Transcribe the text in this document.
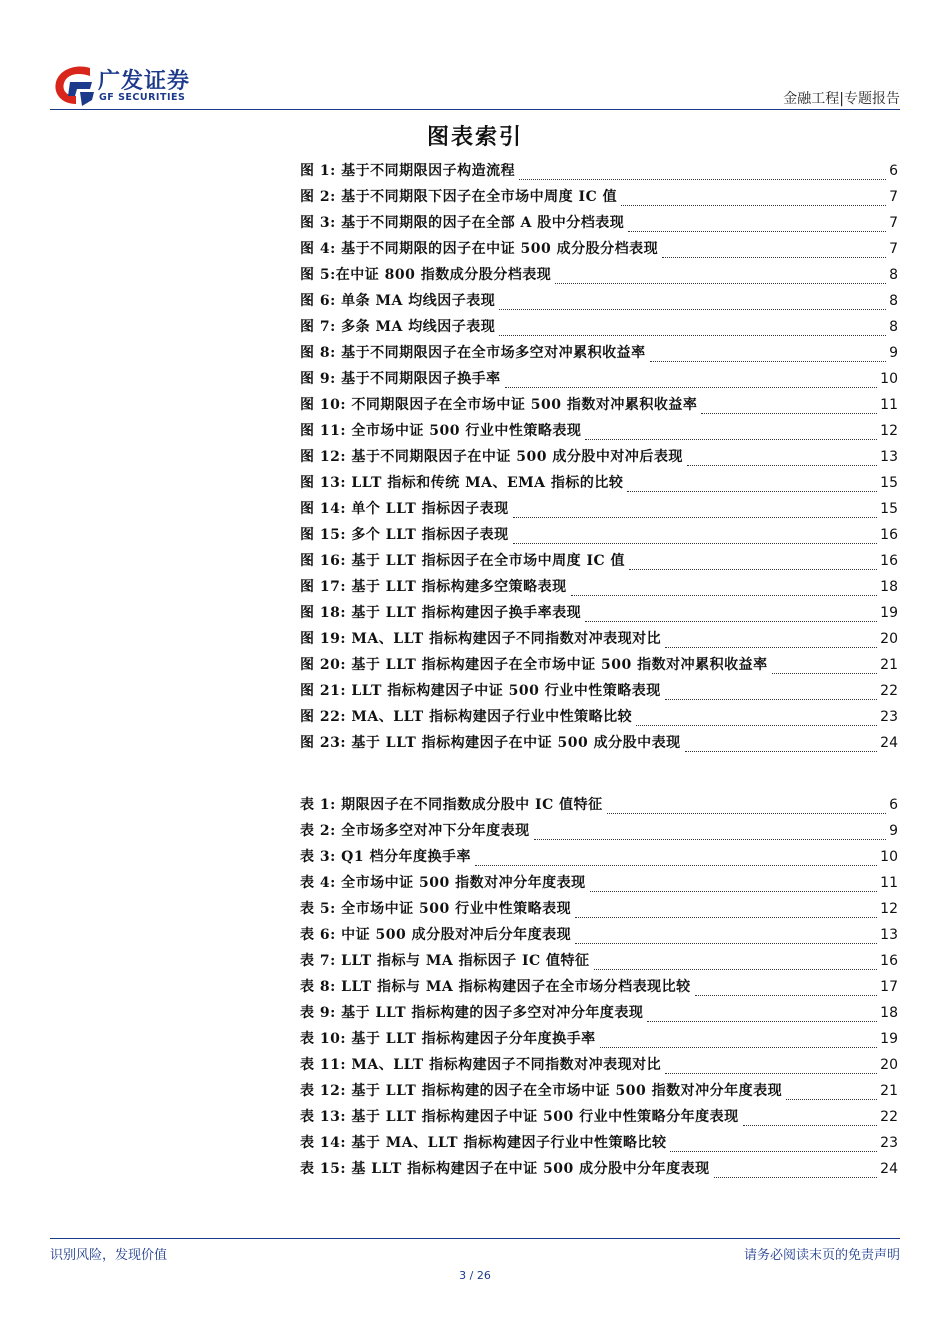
广发证券
GF SECURITIES	金融工程|专题报告
图表索引
图 1: 基于不同期限因子构造流程	6
图 2: 基于不同期限下因子在全市场中周度 IC 值	7
图 3: 基于不同期限的因子在全部 A 股中分档表现	7
图 4: 基于不同期限的因子在中证 500 成分股分档表现	7
图 5:在中证 800 指数成分股分档表现	8
图 6: 单条 MA 均线因子表现	8
图 7: 多条 MA 均线因子表现	8
图 8: 基于不同期限因子在全市场多空对冲累积收益率	9
图 9: 基于不同期限因子换手率	10
图 10: 不同期限因子在全市场中证 500 指数对冲累积收益率	11
图 11: 全市场中证 500 行业中性策略表现	12
图 12: 基于不同期限因子在中证 500 成分股中对冲后表现	13
图 13: LLT 指标和传统 MA、EMA 指标的比较	15
图 14: 单个 LLT 指标因子表现	15
图 15: 多个 LLT 指标因子表现	16
图 16: 基于 LLT 指标因子在全市场中周度 IC 值	16
图 17: 基于 LLT 指标构建多空策略表现	18
图 18: 基于 LLT 指标构建因子换手率表现	19
图 19: MA、LLT 指标构建因子不同指数对冲表现对比	20
图 20: 基于 LLT 指标构建因子在全市场中证 500 指数对冲累积收益率	21
图 21: LLT 指标构建因子中证 500 行业中性策略表现	22
图 22: MA、LLT 指标构建因子行业中性策略比较	23
图 23: 基于 LLT 指标构建因子在中证 500 成分股中表现	24
表 1: 期限因子在不同指数成分股中 IC 值特征	6
表 2: 全市场多空对冲下分年度表现	9
表 3: Q1 档分年度换手率	10
表 4: 全市场中证 500 指数对冲分年度表现	11
表 5: 全市场中证 500 行业中性策略表现	12
表 6: 中证 500 成分股对冲后分年度表现	13
表 7: LLT 指标与 MA 指标因子 IC 值特征	16
表 8: LLT 指标与 MA 指标构建因子在全市场分档表现比较	17
表 9: 基于 LLT 指标构建的因子多空对冲分年度表现	18
表 10: 基于 LLT 指标构建因子分年度换手率	19
表 11: MA、LLT 指标构建因子不同指数对冲表现对比	20
表 12: 基于 LLT 指标构建的因子在全市场中证 500 指数对冲分年度表现	21
表 13: 基于 LLT 指标构建因子中证 500 行业中性策略分年度表现	22
表 14: 基于 MA、LLT 指标构建因子行业中性策略比较	23
表 15: 基 LLT 指标构建因子在中证 500 成分股中分年度表现	24
识别风险，发现价值	请务必阅读末页的免责声明
3 / 26
